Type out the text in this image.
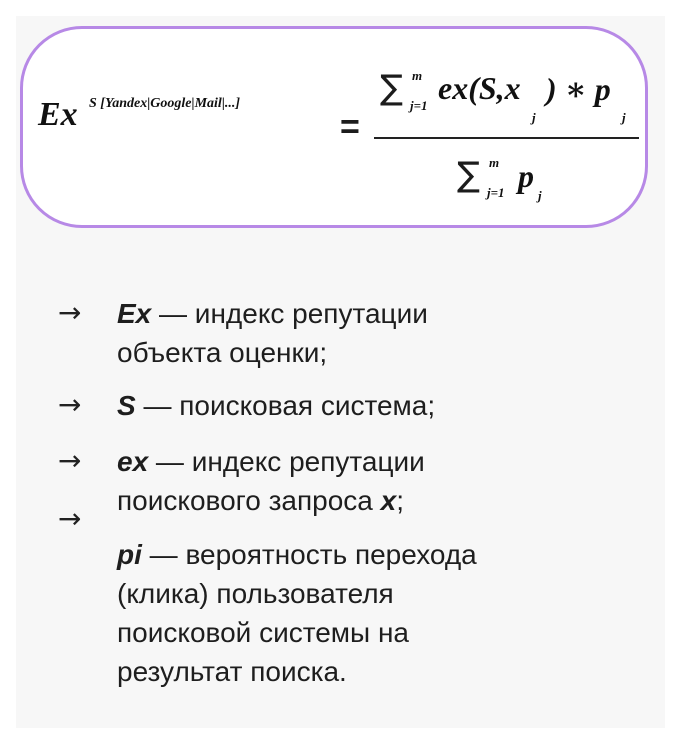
Ex S [Yandex|Google|Mail|...]
=
∑ m
j=1 ex(S,x
j
) ∗ p
j
∑ m
j=1 p
j
→ Ex — индекс репутации
объекта оценки;
→ S — поисковая система;
→ ex — индекс репутации
поискового запроса x;
→
pi — вероятность перехода
(клика) пользователя
поисковой системы на
результат поиска.
